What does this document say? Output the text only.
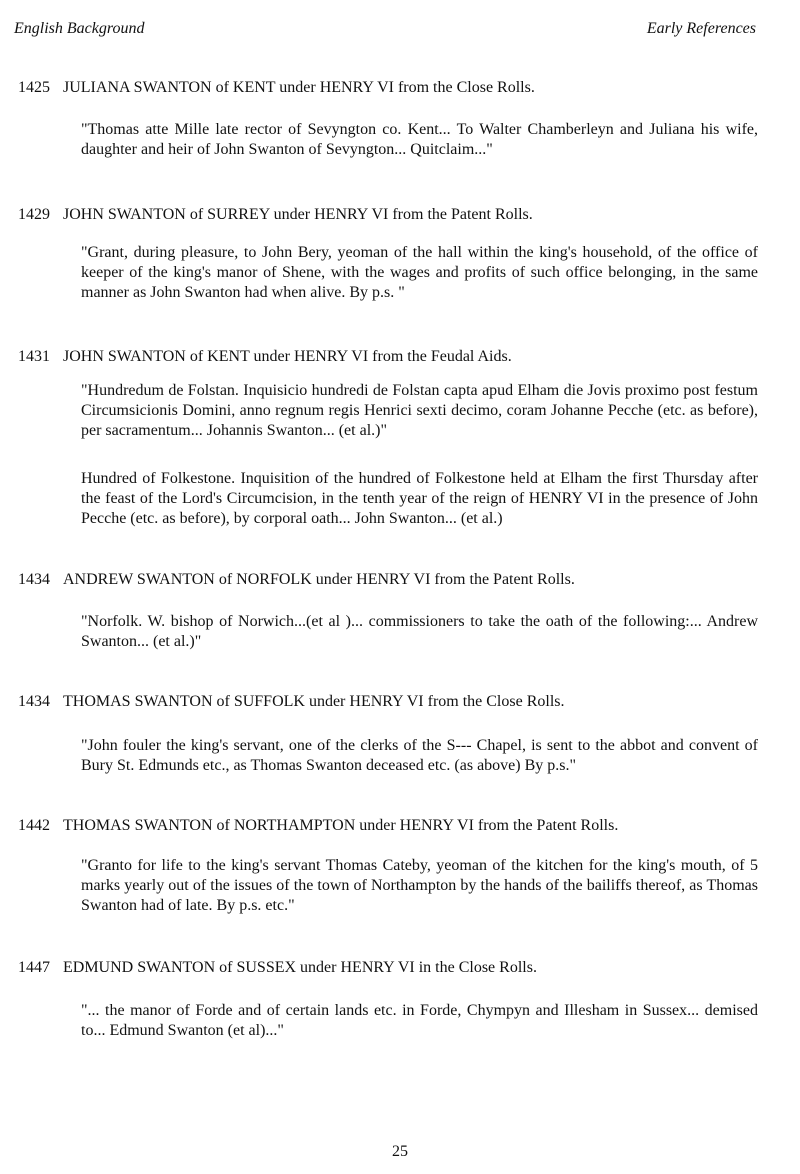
English Background	Early References
1425 JULIANA SWANTON of KENT under HENRY VI from the Close Rolls.

"Thomas atte Mille late rector of Sevyngton co. Kent... To Walter Chamberleyn and Juliana his wife, daughter and heir of John Swanton of Sevyngton... Quitclaim..."

1429 JOHN SWANTON of SURREY under HENRY VI from the Patent Rolls.

"Grant, during pleasure, to John Bery, yeoman of the hall within the king's household, of the office of keeper of the king's manor of Shene, with the wages and profits of such office belonging, in the same manner as John Swanton had when alive. By p.s. "

1431 JOHN SWANTON of KENT under HENRY VI from the Feudal Aids.

"Hundredum de Folstan. Inquisicio hundredi de Folstan capta apud Elham die Jovis proximo post festum Circumsicionis Domini, anno regnum regis Henrici sexti decimo, coram Johanne Pecche (etc. as before), per sacramentum... Johannis Swanton... (et al.)"

Hundred of Folkestone. Inquisition of the hundred of Folkestone held at Elham the first Thursday after the feast of the Lord's Circumcision, in the tenth year of the reign of HENRY VI in the presence of John Pecche (etc. as before), by corporal oath... John Swanton... (et al.)

1434 ANDREW SWANTON of NORFOLK under HENRY VI from the Patent Rolls.

"Norfolk. W. bishop of Norwich...(et al )... commissioners to take the oath of the following:... Andrew Swanton... (et al.)"

1434 THOMAS SWANTON of SUFFOLK under HENRY VI from the Close Rolls.

"John fouler the king's servant, one of the clerks of the S--- Chapel, is sent to the abbot and convent of Bury St. Edmunds etc., as Thomas Swanton deceased etc. (as above) By p.s."

1442 THOMAS SWANTON of NORTHAMPTON under HENRY VI from the Patent Rolls.

"Granto for life to the king's servant Thomas Cateby, yeoman of the kitchen for the king's mouth, of 5 marks yearly out of the issues of the town of Northampton by the hands of the bailiffs thereof, as Thomas Swanton had of late. By p.s. etc."

1447 EDMUND SWANTON of SUSSEX under HENRY VI in the Close Rolls.

"... the manor of Forde and of certain lands etc. in Forde, Chympyn and Illesham in Sussex... demised to... Edmund Swanton (et al)..."

25
